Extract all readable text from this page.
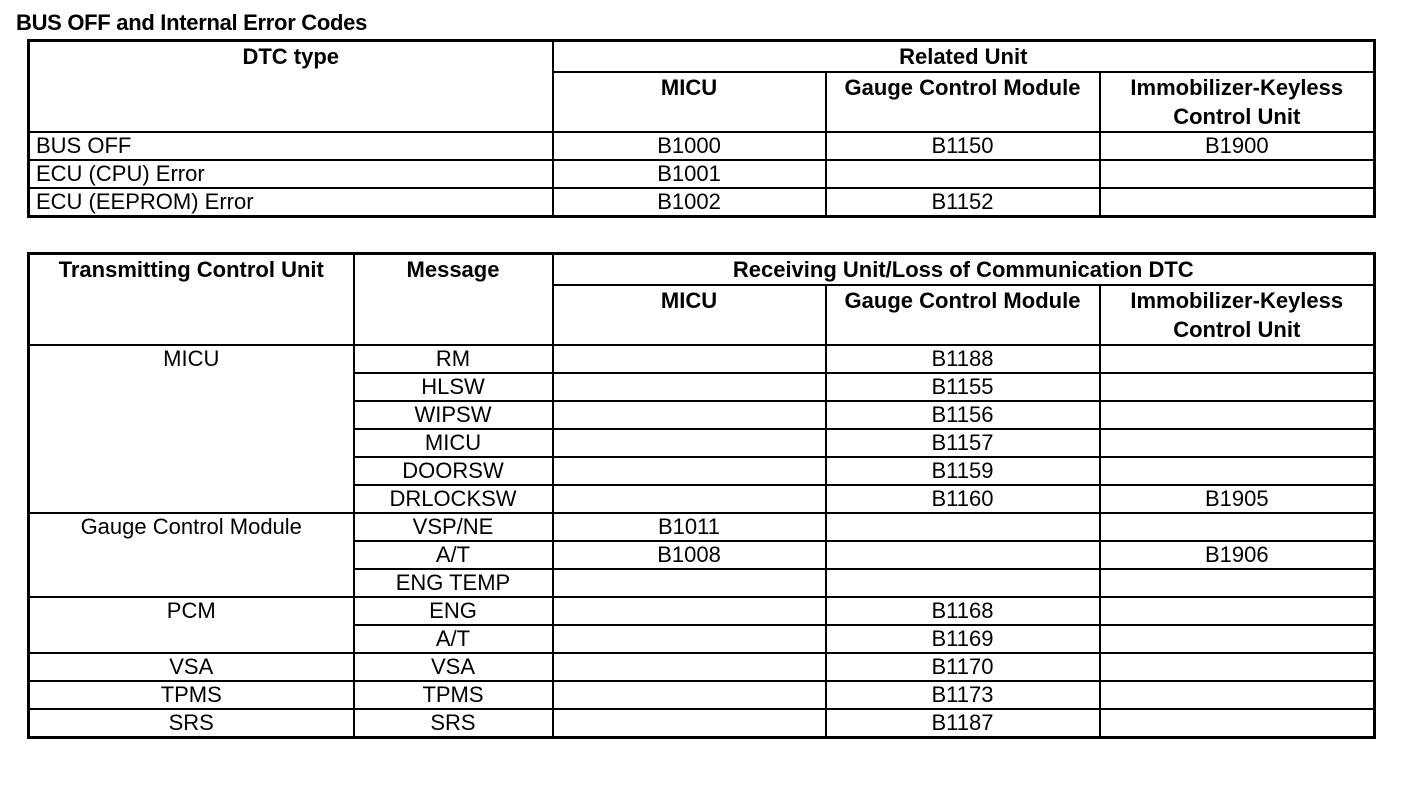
BUS OFF and Internal Error Codes
DTC type	Related Unit		
	MICU	Gauge Control Module	Immobilizer-Keyless Control Unit
BUS OFF	B1000	B1150	B1900
ECU (CPU) Error	B1001		
ECU (EEPROM) Error	B1002	B1152	
Transmitting Control Unit	Message	Receiving Unit/Loss of Communication DTC		
		MICU	Gauge Control Module	Immobilizer-Keyless Control Unit
MICU	RM		B1188	
	HLSW		B1155	
	WIPSW		B1156	
	MICU		B1157	
	DOORSW		B1159	
	DRLOCKSW		B1160	B1905
Gauge Control Module	VSP/NE	B1011		
	A/T	B1008		B1906
	ENG TEMP			
PCM	ENG		B1168	
	A/T		B1169	
VSA	VSA		B1170	
TPMS	TPMS		B1173	
SRS	SRS		B1187	
